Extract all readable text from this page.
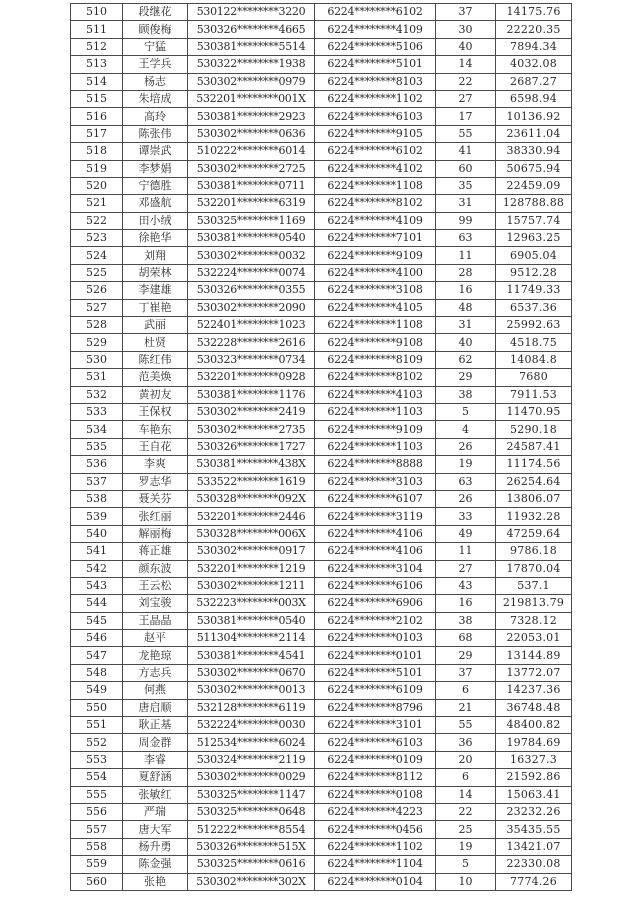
510	段继花	530122********3220	6224********6102	37	14175.76
511	顾俊梅	530326********4665	6224********4109	30	22220.35
512	宁猛	530381********5514	6224********5106	40	7894.34
513	王学兵	530322********1938	6224********5101	14	4032.08
514	杨志	530302********0979	6224********8103	22	2687.27
515	朱培成	532201********001X	6224********1102	27	6598.94
516	高玲	530381********2923	6224********6103	17	10136.92
517	陈张伟	530302********0636	6224********9105	55	23611.04
518	谭崇武	510222********6014	6224********6102	41	38330.94
519	李梦娟	530302********2725	6224********4102	60	50675.94
520	宁德胜	530381********0711	6224********1108	35	22459.09
521	邓盛航	532201********6319	6224********8102	31	128788.88
522	田小绒	530325********1169	6224********4109	99	15757.74
523	徐艳华	530381********0540	6224********7101	63	12963.25
524	刘翔	530302********0032	6224********9109	11	6905.04
525	胡荣林	532224********0074	6224********4100	28	9512.28
526	李建雄	530326********0355	6224********3108	16	11749.33
527	丁崔艳	530302********2090	6224********4105	48	6537.36
528	武丽	522401********1023	6224********1108	31	25992.63
529	杜贤	532228********2616	6224********9108	40	4518.75
530	陈红伟	530323********0734	6224********8109	62	14084.8
531	范美焕	532201********0928	6224********8102	29	7680
532	黄初友	530381********1176	6224********4103	38	7911.53
533	王保权	530302********2419	6224********1103	5	11470.95
534	车艳东	530302********2735	6224********9109	4	5290.18
535	王自花	530326********1727	6224********1103	26	24587.41
536	李爽	530381********438X	6224********8888	19	11174.56
537	罗志华	533522********1619	6224********3103	63	26254.64
538	聂关芬	530328********092X	6224********6107	26	13806.07
539	张红丽	532201********2446	6224********3119	33	11932.28
540	解丽梅	530328********006X	6224********4106	49	47259.64
541	蒋正雄	530302********0917	6224********4106	11	9786.18
542	颜东波	532201********1219	6224********3104	27	17870.04
543	王云松	530302********1211	6224********6106	43	537.1
544	刘宝骏	532223********003X	6224********6906	16	219813.79
545	王晶晶	530381********0540	6224********2102	38	7328.12
546	赵平	511304********2114	6224********0103	68	22053.01
547	龙艳琼	530381********4541	6224********0101	29	13144.89
548	方志兵	530302********0670	6224********5101	37	13772.07
549	何燕	530302********0013	6224********6109	6	14237.36
550	唐启顺	532128********6119	6224********8796	21	36748.48
551	耿正基	532224********0030	6224********3101	55	48400.82
552	周金群	512534********6024	6224********6103	36	19784.69
553	李睿	530324********2119	6224********0109	20	16327.3
554	夏舒涵	530302********0029	6224********8112	6	21592.86
555	张敏红	530325********1147	6224********0108	14	15063.41
556	严瑞	530325********0648	6224********4223	22	23232.26
557	唐大军	512222********8554	6224********0456	25	35435.55
558	杨升勇	530326********515X	6224********1102	19	13421.07
559	陈金强	530325********0616	6224********1104	5	22330.08
560	张艳	530302********302X	6224********0104	10	7774.26
